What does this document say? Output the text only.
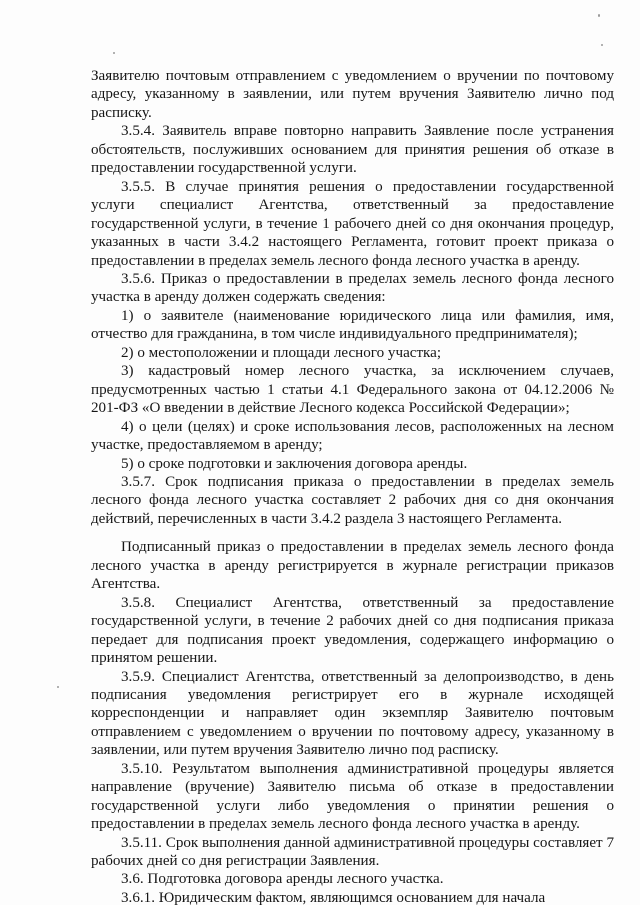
Заявителю почтовым отправлением с уведомлением о вручении по почтовому адресу, указанному в заявлении, или путем вручения Заявителю лично под расписку.

3.5.4. Заявитель вправе повторно направить Заявление после устранения обстоятельств, послуживших основанием для принятия решения об отказе в предоставлении государственной услуги.

3.5.5. В случае принятия решения о предоставлении государственной услуги специалист Агентства, ответственный за предоставление государственной услуги, в течение 1 рабочего дней со дня окончания процедур, указанных в части 3.4.2 настоящего Регламента, готовит проект приказа о предоставлении в пределах земель лесного фонда лесного участка в аренду.

3.5.6. Приказ о предоставлении в пределах земель лесного фонда лесного участка в аренду должен содержать сведения:

1) о заявителе (наименование юридического лица или фамилия, имя, отчество для гражданина, в том числе индивидуального предпринимателя);

2) о местоположении и площади лесного участка;

3) кадастровый номер лесного участка, за исключением случаев, предусмотренных частью 1 статьи 4.1 Федерального закона от 04.12.2006 № 201-ФЗ «О введении в действие Лесного кодекса Российской Федерации»;

4) о цели (целях) и сроке использования лесов, расположенных на лесном участке, предоставляемом в аренду;

5) о сроке подготовки и заключения договора аренды.

3.5.7. Срок подписания приказа о предоставлении в пределах земель лесного фонда лесного участка составляет 2 рабочих дня со дня окончания действий, перечисленных в части 3.4.2 раздела 3 настоящего Регламента.

Подписанный приказ о предоставлении в пределах земель лесного фонда лесного участка в аренду регистрируется в журнале регистрации приказов Агентства.

3.5.8. Специалист Агентства, ответственный за предоставление государственной услуги, в течение 2 рабочих дней со дня подписания приказа передает для подписания проект уведомления, содержащего информацию о принятом решении.

3.5.9. Специалист Агентства, ответственный за делопроизводство, в день подписания уведомления регистрирует его в журнале исходящей корреспонденции и направляет один экземпляр Заявителю почтовым отправлением с уведомлением о вручении по почтовому адресу, указанному в заявлении, или путем вручения Заявителю лично под расписку.

3.5.10. Результатом выполнения административной процедуры является направление (вручение) Заявителю письма об отказе в предоставлении государственной услуги либо уведомления о принятии решения о предоставлении в пределах земель лесного фонда лесного участка в аренду.

3.5.11. Срок выполнения данной административной процедуры составляет 7 рабочих дней со дня регистрации Заявления.

3.6. Подготовка договора аренды лесного участка.

3.6.1. Юридическим фактом, являющимся основанием для начала
